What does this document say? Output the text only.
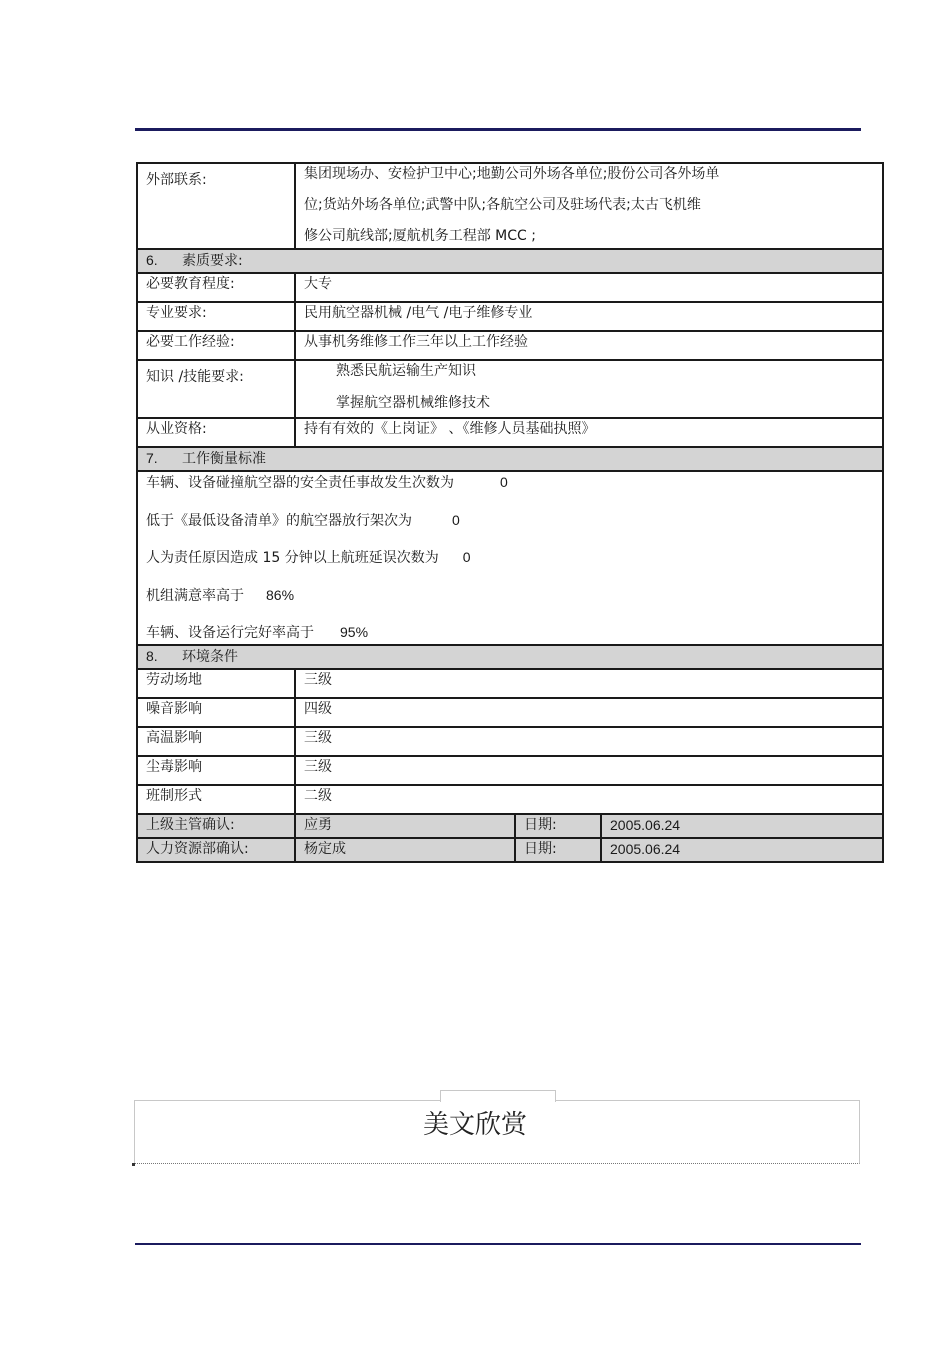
外部联系:	集团现场办、安检护卫中心;地勤公司外场各单位;股份公司各外场单
位;货站外场各单位;武警中队;各航空公司及驻场代表;太古飞机维
修公司航线部;厦航机务工程部 MCC ;		

6. 素质要求:			
必要教育程度:	大专		
专业要求:	民用航空器机械 /电气 /电子维修专业		
必要工作经验:	从事机务维修工作三年以上工作经验		
知识 /技能要求:	熟悉民航运输生产知识
掌握航空器机械维修技术		

从业资格:	持有有效的《上岗证》 、《维修人员基础执照》		
7. 工作衡量标准			

车辆、设备碰撞航空器的安全责任事故发生次数为 0
低于《最低设备清单》的航空器放行架次为 0
人为责任原因造成 15 分钟以上航班延误次数为 0
机组满意率高于 86%
车辆、设备运行完好率高于 95%			

8. 环境条件			
劳动场地	三级		
噪音影响	四级		
高温影响	三级		
尘毒影响	三级		
班制形式	二级		
上级主管确认:	应勇	日期:	2005.06.24
人力资源部确认:	杨定成	日期:	2005.06.24
美文欣赏
